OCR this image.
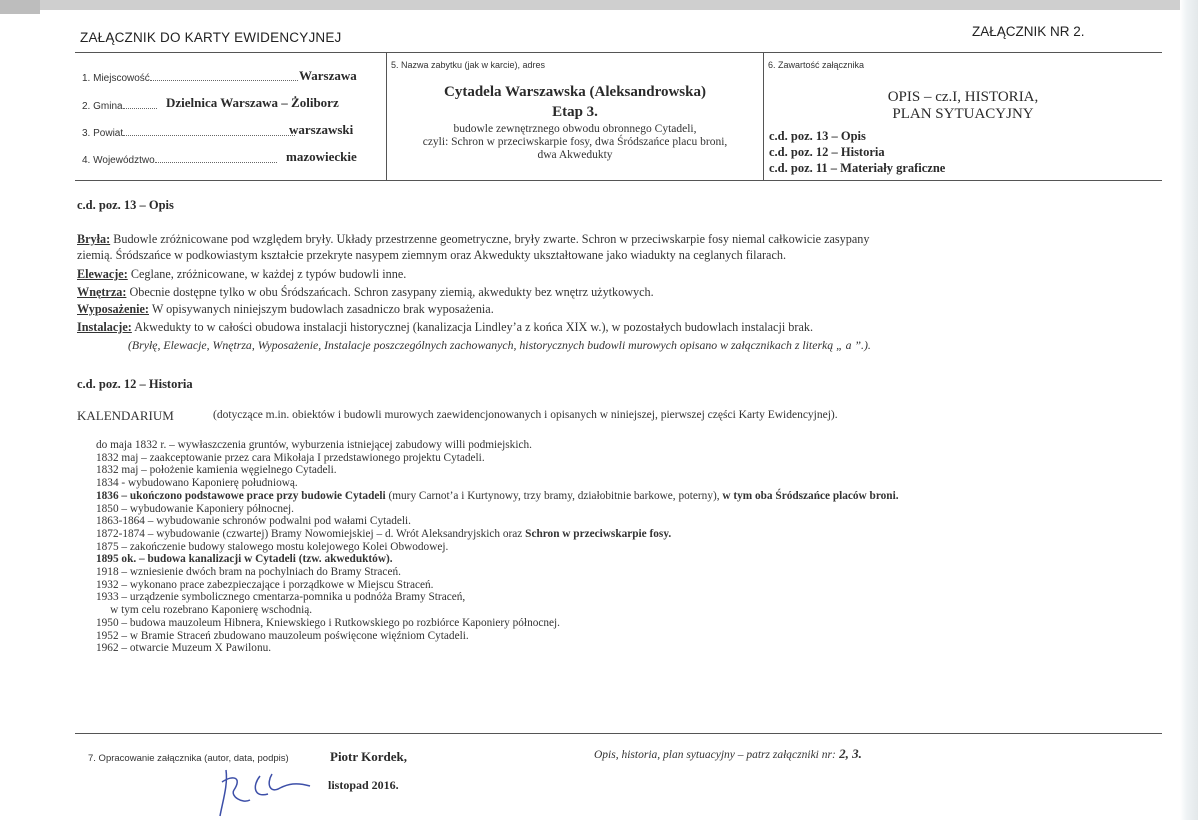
ZAŁĄCZNIK DO KARTY EWIDENCYJNEJ	ZAŁĄCZNIK NR 2.
1. Miejscowość	Warszawa
2. Gmina	Dzielnica Warszawa – Żoliborz
3. Powiat	warszawski
4. Województwo	mazowieckie
5. Nazwa zabytku (jak w karcie), adres
Cytadela Warszawska (Aleksandrowska)
Etap 3.
budowle zewnętrznego obwodu obronnego Cytadeli,
czyli: Schron w przeciwskarpie fosy, dwa Śródszańce placu broni,
dwa Akwedukty
6. Zawartość załącznika
OPIS – cz.I, HISTORIA,
PLAN SYTUACYJNY
c.d. poz. 13 – Opis
c.d. poz. 12 – Historia
c.d. poz. 11 – Materiały graficzne
c.d. poz. 13 – Opis
Bryła: Budowle zróżnicowane pod względem bryły. Układy przestrzenne geometryczne, bryły zwarte. Schron w przeciwskarpie fosy niemal całkowicie zasypany
ziemią. Śródszańce w podkowiastym kształcie przekryte nasypem ziemnym oraz Akwedukty ukształtowane jako wiadukty na ceglanych filarach.
Elewacje: Ceglane, zróżnicowane, w każdej z typów budowli inne.
Wnętrza: Obecnie dostępne tylko w obu Śródszańcach. Schron zasypany ziemią, akwedukty bez wnętrz użytkowych.
Wyposażenie: W opisywanych niniejszym budowlach zasadniczo brak wyposażenia.
Instalacje: Akwedukty to w całości obudowa instalacji historycznej (kanalizacja Lindley’a z końca XIX w.), w pozostałych budowlach instalacji brak.
(Bryłę, Elewacje, Wnętrza, Wyposażenie, Instalacje poszczególnych zachowanych, historycznych budowli murowych opisano w załącznikach z literką „ a ”.).
c.d. poz. 12 – Historia
KALENDARIUM	(dotyczące m.in. obiektów i budowli murowych zaewidencjonowanych i opisanych w niniejszej, pierwszej części Karty Ewidencyjnej).
do maja 1832 r. – wywłaszczenia gruntów, wyburzenia istniejącej zabudowy willi podmiejskich.
1832 maj – zaakceptowanie przez cara Mikołaja I przedstawionego projektu Cytadeli.
1832 maj – położenie kamienia węgielnego Cytadeli.
1834 - wybudowano Kaponierę południową.
1836 – ukończono podstawowe prace przy budowie Cytadeli (mury Carnot’a i Kurtynowy, trzy bramy, działobitnie barkowe, poterny), w tym oba Śródszańce placów broni.
1850 – wybudowanie Kaponiery północnej.
1863-1864 – wybudowanie schronów podwalni pod wałami Cytadeli.
1872-1874 – wybudowanie (czwartej) Bramy Nowomiejskiej – d. Wrót Aleksandryjskich oraz Schron w przeciwskarpie fosy.
1875 – zakończenie budowy stalowego mostu kolejowego Kolei Obwodowej.
1895 ok. – budowa kanalizacji w Cytadeli (tzw. akweduktów).
1918 – wzniesienie dwóch bram na pochylniach do Bramy Straceń.
1932 – wykonano prace zabezpieczające i porządkowe w Miejscu Straceń.
1933 – urządzenie symbolicznego cmentarza-pomnika u podnóża Bramy Straceń,
w tym celu rozebrano Kaponierę wschodnią.
1950 – budowa mauzoleum Hibnera, Kniewskiego i Rutkowskiego po rozbiórce Kaponiery północnej.
1952 – w Bramie Straceń zbudowano mauzoleum poświęcone więźniom Cytadeli.
1962 – otwarcie Muzeum X Pawilonu.
7. Opracowanie załącznika (autor, data, podpis)	Piotr Kordek,
listopad 2016.
Opis, historia, plan sytuacyjny – patrz załączniki nr: 2, 3.
